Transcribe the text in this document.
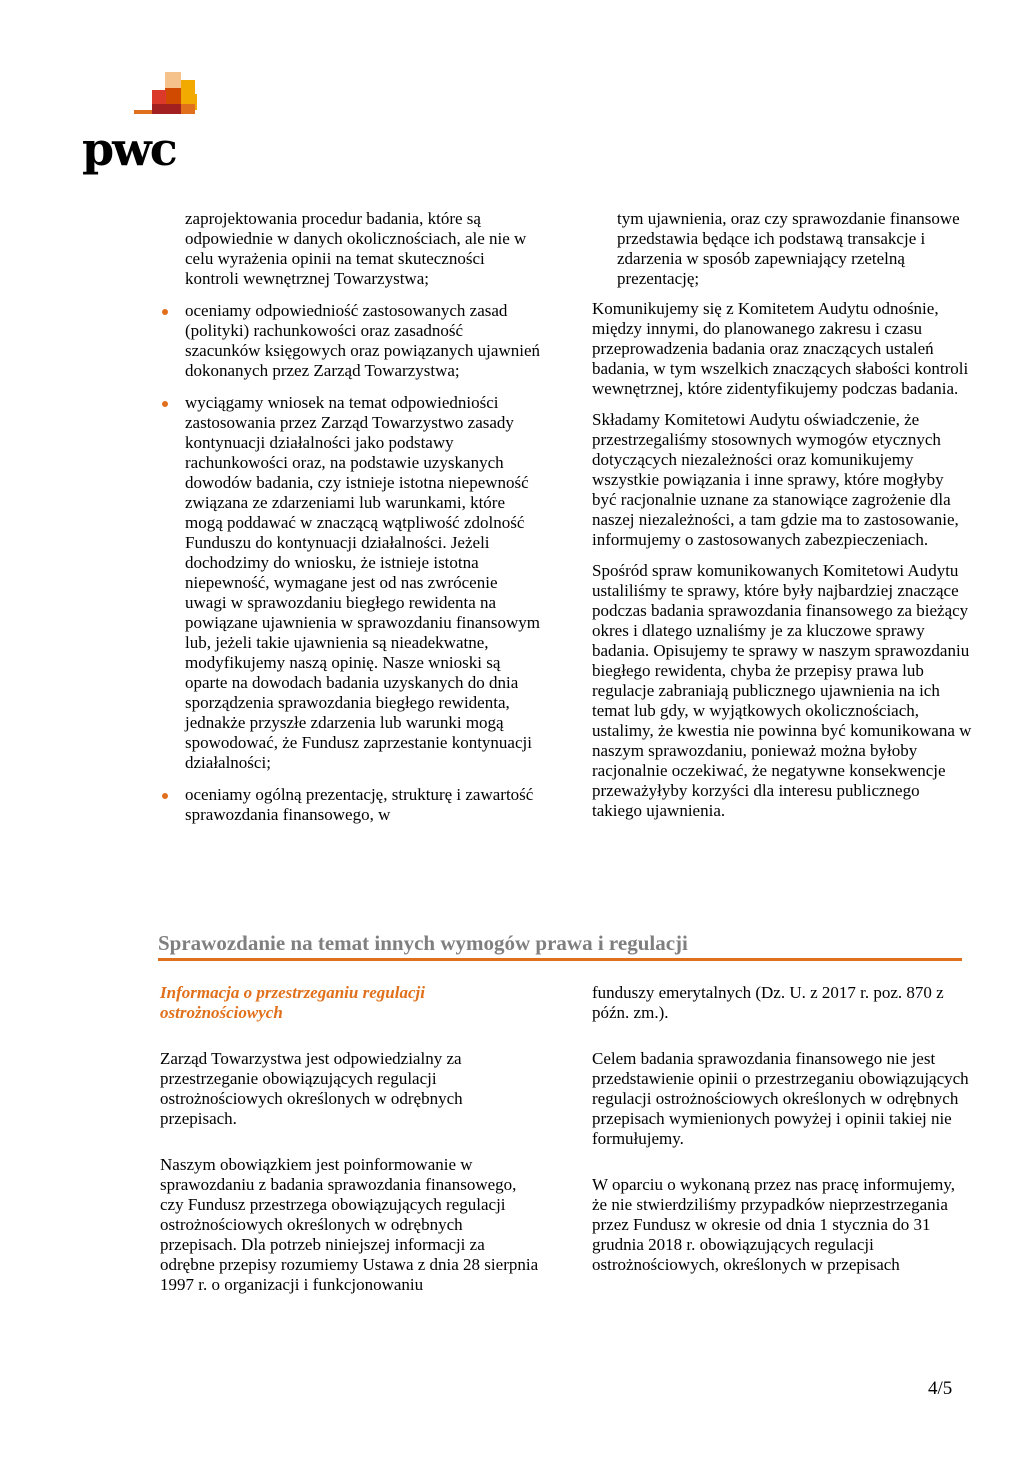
pwc

zaprojektowania procedur badania, które są odpowiednie w danych okolicznościach, ale nie w celu wyrażenia opinii na temat skuteczności kontroli wewnętrznej Towarzystwa;

oceniamy odpowiedniość zastosowanych zasad (polityki) rachunkowości oraz zasadność szacunków księgowych oraz powiązanych ujawnień dokonanych przez Zarząd Towarzystwa;

wyciągamy wniosek na temat odpowiedniości zastosowania przez Zarząd Towarzystwo zasady kontynuacji działalności jako podstawy rachunkowości oraz, na podstawie uzyskanych dowodów badania, czy istnieje istotna niepewność związana ze zdarzeniami lub warunkami, które mogą poddawać w znaczącą wątpliwość zdolność Funduszu do kontynuacji działalności. Jeżeli dochodzimy do wniosku, że istnieje istotna niepewność, wymagane jest od nas zwrócenie uwagi w sprawozdaniu biegłego rewidenta na powiązane ujawnienia w sprawozdaniu finansowym lub, jeżeli takie ujawnienia są nieadekwatne, modyfikujemy naszą opinię. Nasze wnioski są oparte na dowodach badania uzyskanych do dnia sporządzenia sprawozdania biegłego rewidenta, jednakże przyszłe zdarzenia lub warunki mogą spowodować, że Fundusz zaprzestanie kontynuacji działalności;

oceniamy ogólną prezentację, strukturę i zawartość sprawozdania finansowego, w

tym ujawnienia, oraz czy sprawozdanie finansowe przedstawia będące ich podstawą transakcje i zdarzenia w sposób zapewniający rzetelną prezentację;

Komunikujemy się z Komitetem Audytu odnośnie, między innymi, do planowanego zakresu i czasu przeprowadzenia badania oraz znaczących ustaleń badania, w tym wszelkich znaczących słabości kontroli wewnętrznej, które zidentyfikujemy podczas badania.

Składamy Komitetowi Audytu oświadczenie, że przestrzegaliśmy stosownych wymogów etycznych dotyczących niezależności oraz komunikujemy wszystkie powiązania i inne sprawy, które mogłyby być racjonalnie uznane za stanowiące zagrożenie dla naszej niezależności, a tam gdzie ma to zastosowanie, informujemy o zastosowanych zabezpieczeniach.

Spośród spraw komunikowanych Komitetowi Audytu ustaliliśmy te sprawy, które były najbardziej znaczące podczas badania sprawozdania finansowego za bieżący okres i dlatego uznaliśmy je za kluczowe sprawy badania. Opisujemy te sprawy w naszym sprawozdaniu biegłego rewidenta, chyba że przepisy prawa lub regulacje zabraniają publicznego ujawnienia na ich temat lub gdy, w wyjątkowych okolicznościach, ustalimy, że kwestia nie powinna być komunikowana w naszym sprawozdaniu, ponieważ można byłoby racjonalnie oczekiwać, że negatywne konsekwencje przeważyłyby korzyści dla interesu publicznego takiego ujawnienia.

Sprawozdanie na temat innych wymogów prawa i regulacji

Informacja o przestrzeganiu regulacji ostrożnościowych

Zarząd Towarzystwa jest odpowiedzialny za przestrzeganie obowiązujących regulacji ostrożnościowych określonych w odrębnych przepisach.

Naszym obowiązkiem jest poinformowanie w sprawozdaniu z badania sprawozdania finansowego, czy Fundusz przestrzega obowiązujących regulacji ostrożnościowych określonych w odrębnych przepisach. Dla potrzeb niniejszej informacji za odrębne przepisy rozumiemy Ustawa z dnia 28 sierpnia 1997 r. o organizacji i funkcjonowaniu

funduszy emerytalnych (Dz. U. z 2017 r. poz. 870 z późn. zm.).

Celem badania sprawozdania finansowego nie jest przedstawienie opinii o przestrzeganiu obowiązujących regulacji ostrożnościowych określonych w odrębnych przepisach wymienionych powyżej i opinii takiej nie formułujemy.

W oparciu o wykonaną przez nas pracę informujemy, że nie stwierdziliśmy przypadków nieprzestrzegania przez Fundusz w okresie od dnia 1 stycznia do 31 grudnia 2018 r. obowiązujących regulacji ostrożnościowych, określonych w przepisach

4/5
